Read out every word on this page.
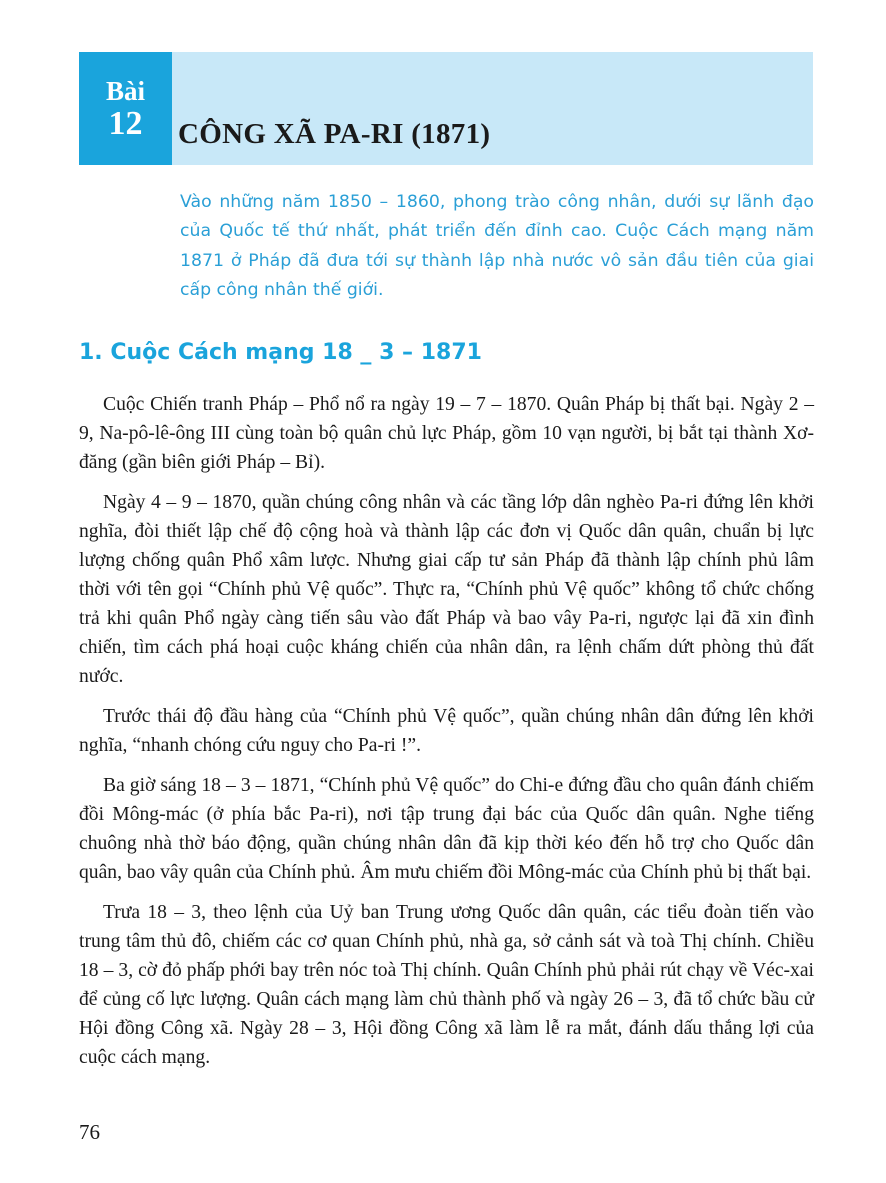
Bài
12	CÔNG XÃ PA-RI (1871)

Vào những năm 1850 – 1860, phong trào công nhân, dưới sự lãnh đạo của Quốc tế thứ nhất, phát triển đến đỉnh cao. Cuộc Cách mạng năm 1871 ở Pháp đã đưa tới sự thành lập nhà nước vô sản đầu tiên của giai cấp công nhân thế giới.

1. Cuộc Cách mạng 18 _ 3 – 1871

Cuộc Chiến tranh Pháp – Phổ nổ ra ngày 19 – 7 – 1870. Quân Pháp bị thất bại. Ngày 2 – 9, Na-pô-lê-ông III cùng toàn bộ quân chủ lực Pháp, gồm 10 vạn người, bị bắt tại thành Xơ-đăng (gần biên giới Pháp – Bỉ).

Ngày 4 – 9 – 1870, quần chúng công nhân và các tầng lớp dân nghèo Pa-ri đứng lên khởi nghĩa, đòi thiết lập chế độ cộng hoà và thành lập các đơn vị Quốc dân quân, chuẩn bị lực lượng chống quân Phổ xâm lược. Nhưng giai cấp tư sản Pháp đã thành lập chính phủ lâm thời với tên gọi “Chính phủ Vệ quốc”. Thực ra, “Chính phủ Vệ quốc” không tổ chức chống trả khi quân Phổ ngày càng tiến sâu vào đất Pháp và bao vây Pa-ri, ngược lại đã xin đình chiến, tìm cách phá hoại cuộc kháng chiến của nhân dân, ra lệnh chấm dứt phòng thủ đất nước.

Trước thái độ đầu hàng của “Chính phủ Vệ quốc”, quần chúng nhân dân đứng lên khởi nghĩa, “nhanh chóng cứu nguy cho Pa-ri !”.

Ba giờ sáng 18 – 3 – 1871, “Chính phủ Vệ quốc” do Chi-e đứng đầu cho quân đánh chiếm đồi Mông-mác (ở phía bắc Pa-ri), nơi tập trung đại bác của Quốc dân quân. Nghe tiếng chuông nhà thờ báo động, quần chúng nhân dân đã kịp thời kéo đến hỗ trợ cho Quốc dân quân, bao vây quân của Chính phủ. Âm mưu chiếm đồi Mông-mác của Chính phủ bị thất bại.

Trưa 18 – 3, theo lệnh của Uỷ ban Trung ương Quốc dân quân, các tiểu đoàn tiến vào trung tâm thủ đô, chiếm các cơ quan Chính phủ, nhà ga, sở cảnh sát và toà Thị chính. Chiều 18 – 3, cờ đỏ phấp phới bay trên nóc toà Thị chính. Quân Chính phủ phải rút chạy về Véc-xai để củng cố lực lượng. Quân cách mạng làm chủ thành phố và ngày 26 – 3, đã tổ chức bầu cử Hội đồng Công xã. Ngày 28 – 3, Hội đồng Công xã làm lễ ra mắt, đánh dấu thắng lợi của cuộc cách mạng.

76
